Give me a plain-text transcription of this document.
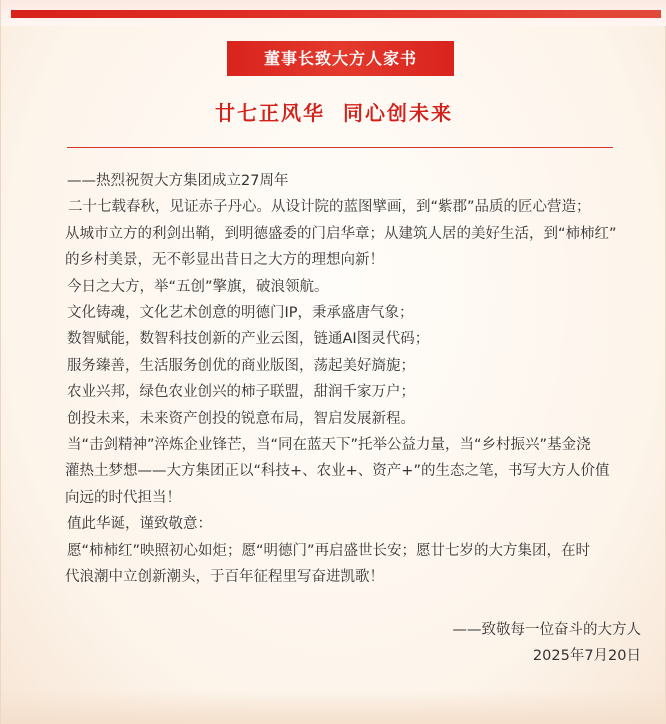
董事长致大方人家书
廿七正风华  同心创未来

——热烈祝贺大方集团成立27周年

二十七载春秋，见证赤子丹心。从设计院的蓝图擘画，到“紫郡”品质的匠心营造；

从城市立方的利剑出鞘，到明德盛委的门启华章；从建筑人居的美好生活，到“柿柿红”

的乡村美景，无不彰显出昔日之大方的理想向新！

今日之大方，举“五创”擎旗，破浪领航。

文化铸魂，文化艺术创意的明德门IP，秉承盛唐气象；

数智赋能，数智科技创新的产业云图，链通AI图灵代码；

服务臻善，生活服务创优的商业版图，荡起美好旖旎；

农业兴邦，绿色农业创兴的柿子联盟，甜润千家万户；

创投未来，未来资产创投的锐意布局，智启发展新程。

当“击剑精神”淬炼企业锋芒，当“同在蓝天下”托举公益力量，当“乡村振兴”基金浇

灌热土梦想——大方集团正以“科技+、农业+、资产+”的生态之笔，书写大方人价值

向远的时代担当！

值此华诞，谨致敬意：

愿“柿柿红”映照初心如炬；愿“明德门”再启盛世长安；愿廿七岁的大方集团，在时

代浪潮中立创新潮头，于百年征程里写奋进凯歌！

——致敬每一位奋斗的大方人
2025年7月20日
